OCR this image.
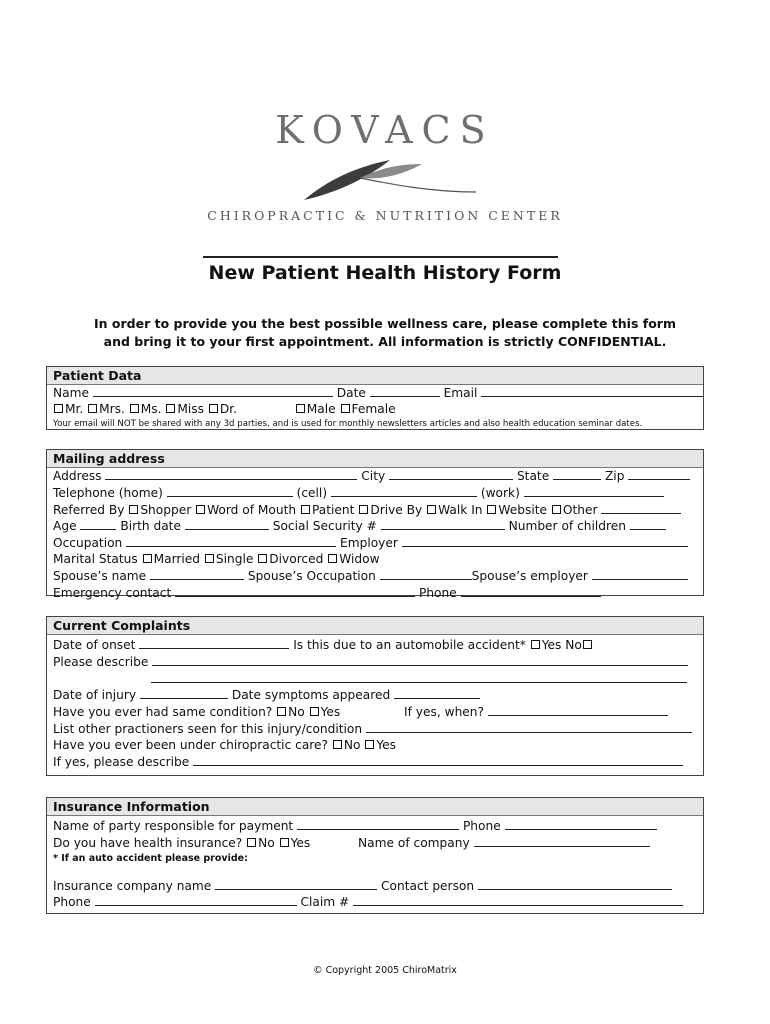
KOVACS
CHIROPRACTIC & NUTRITION CENTER
New Patient Health History Form
In order to provide you the best possible wellness care, please complete this form
and bring it to your first appointment. All information is strictly CONFIDENTIAL.
Patient Data
Name	Date	Email
Mr. Mrs. Ms. Miss Dr.	Male Female
Your email will NOT be shared with any 3d parties, and is used for monthly newsletters articles and also health education seminar dates.
Mailing address
Address	City	State	Zip
Telephone (home)	(cell)	(work)
Referred By Shopper Word of Mouth Patient Drive By Walk In Website Other
Age	Birth date	Social Security #	Number of children
Occupation	Employer
Marital Status Married Single Divorced Widow
Spouse’s name	Spouse’s Occupation	Spouse’s employer
Emergency contact	Phone
Current Complaints
Date of onset	Is this due to an automobile accident* Yes No
Please describe

Date of injury	Date symptoms appeared
Have you ever had same condition? No Yes	If yes, when?
List other practioners seen for this injury/condition
Have you ever been under chiropractic care? No Yes
If yes, please describe
Insurance Information
Name of party responsible for payment	Phone
Do you have health insurance? No Yes	Name of company
* If an auto accident please provide:
Insurance company name	Contact person
Phone	Claim #
© Copyright 2005 ChiroMatrix
